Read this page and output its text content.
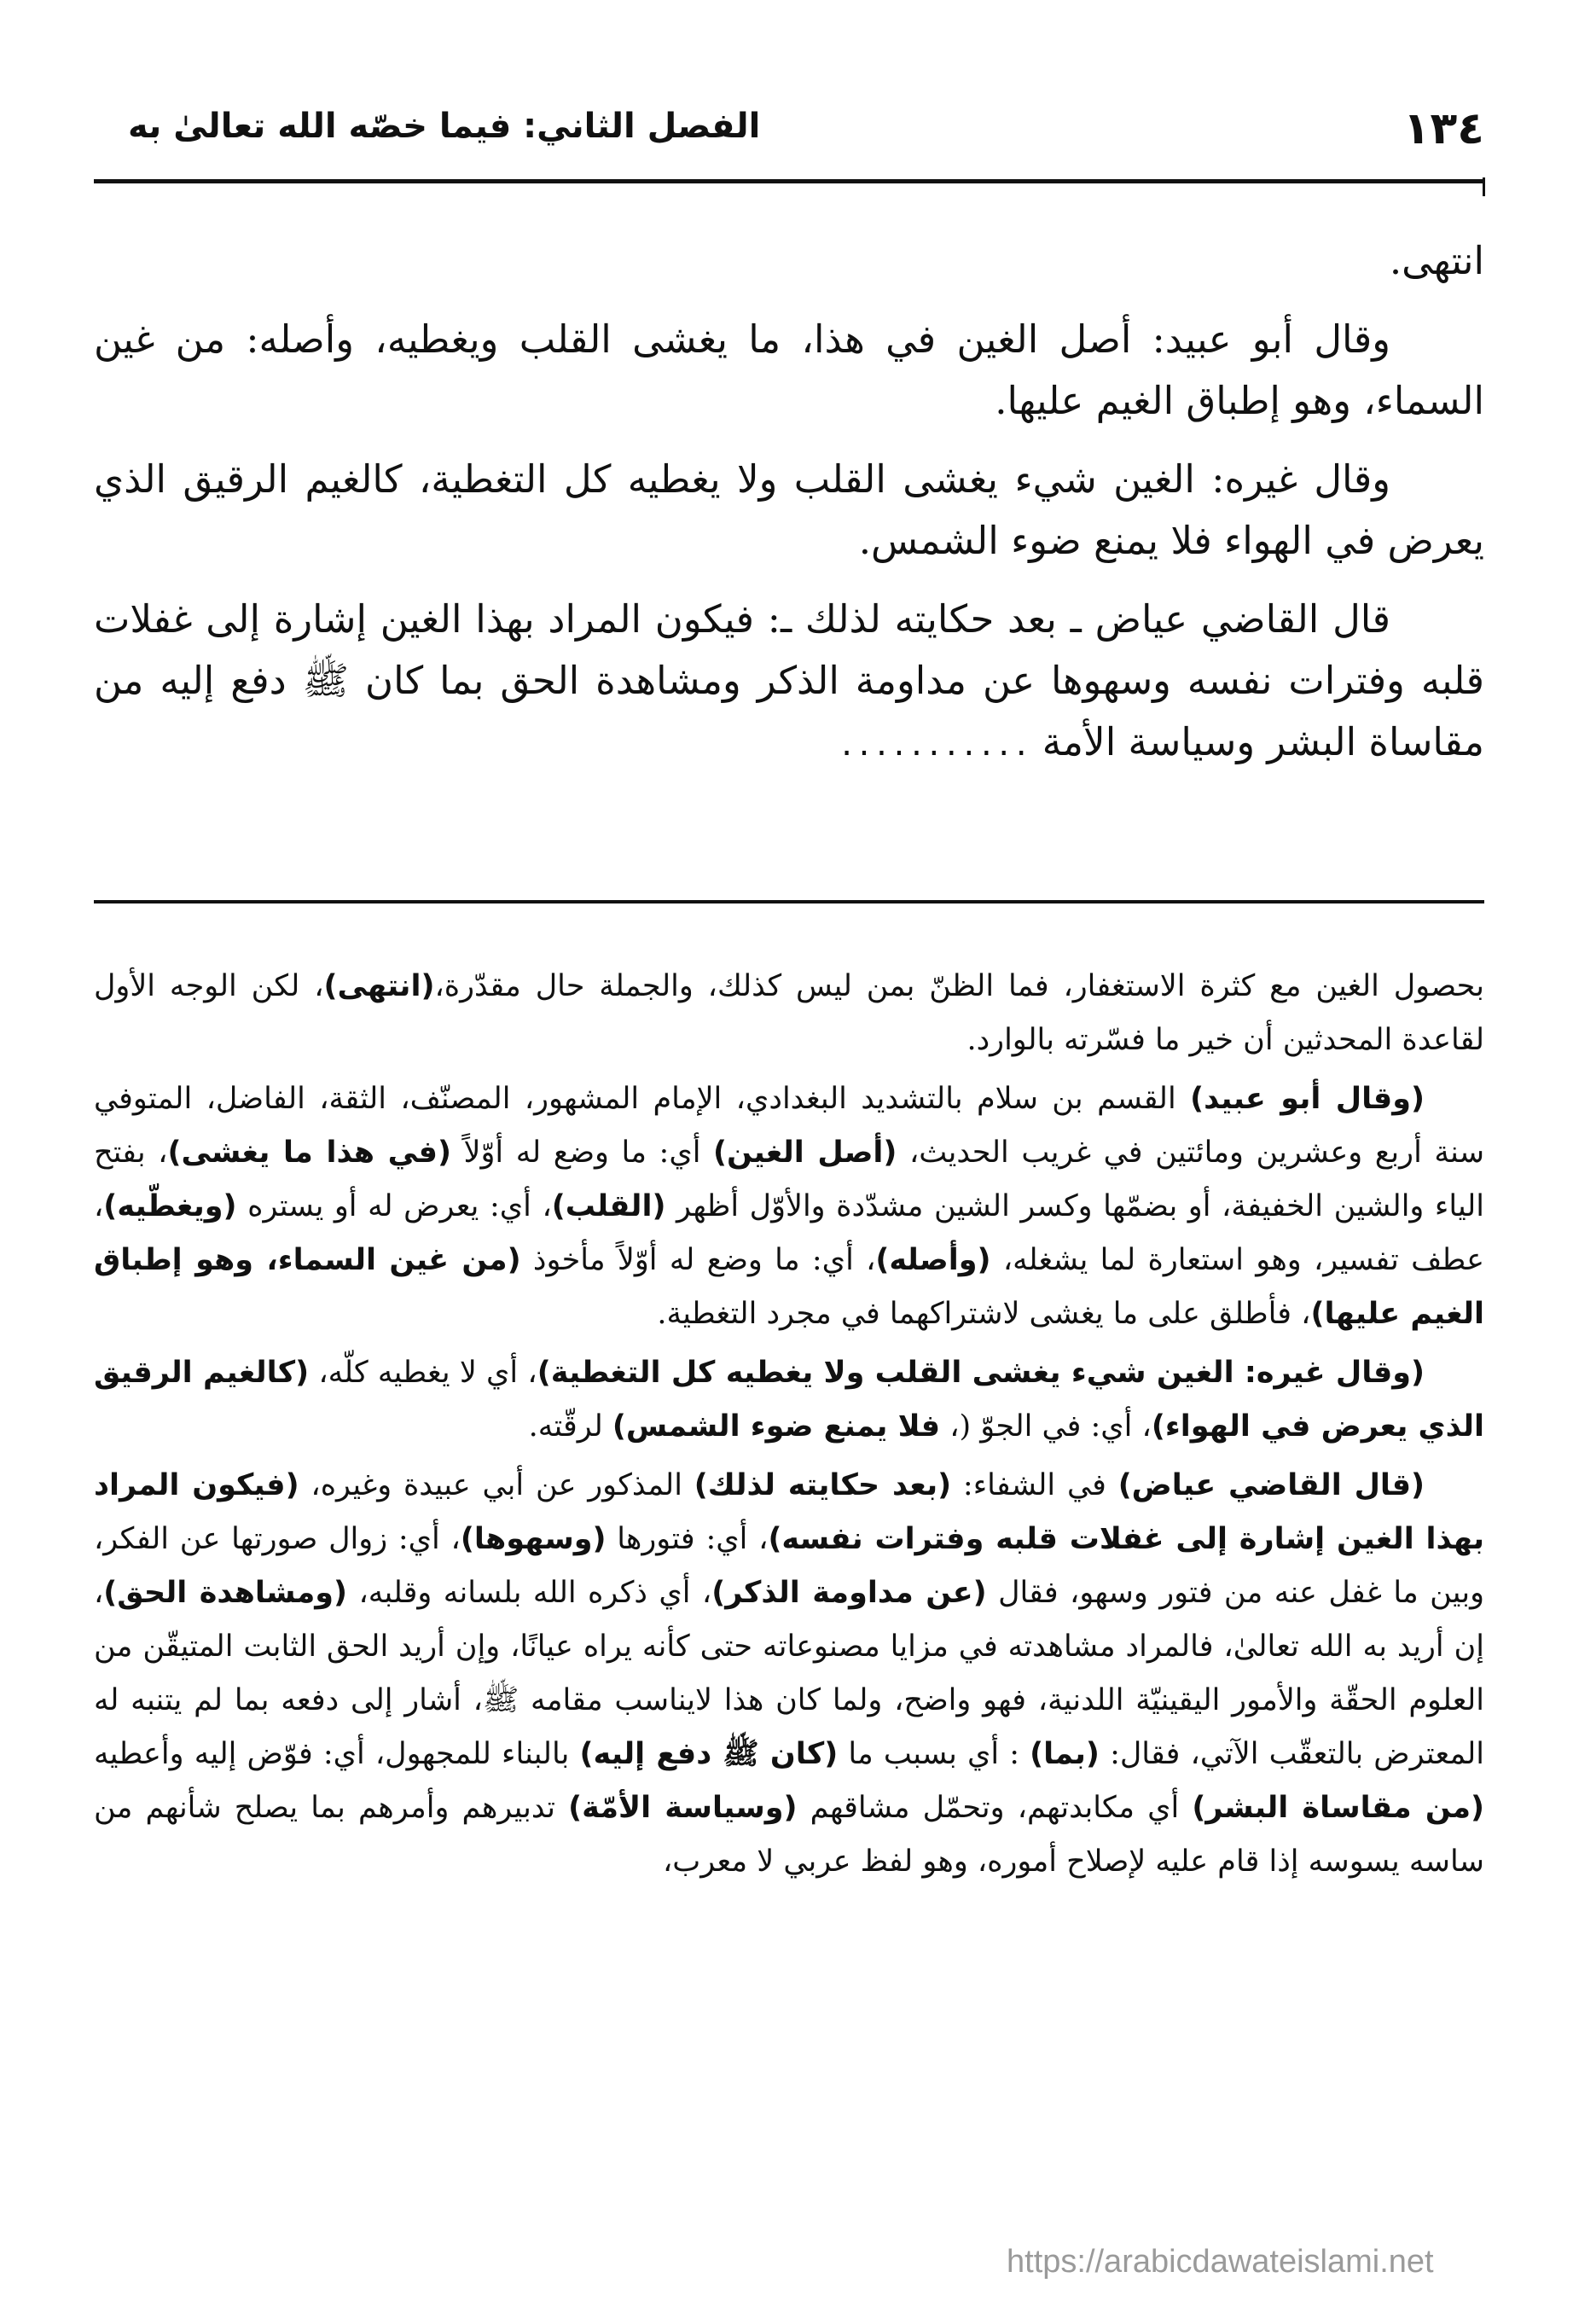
١٣٤
الفصل الثاني: فيما خصّه الله تعالىٰ به

انتهى.

وقال أبو عبيد: أصل الغين في هذا، ما يغشى القلب ويغطيه، وأصله: من غين السماء، وهو إطباق الغيم عليها.

وقال غيره: الغين شيء يغشى القلب ولا يغطيه كل التغطية، كالغيم الرقيق الذي يعرض في الهواء فلا يمنع ضوء الشمس.

قال القاضي عياض ـ بعد حكايته لذلك ـ: فيكون المراد بهذا الغين إشارة إلى غفلات قلبه وفترات نفسه وسهوها عن مداومة الذكر ومشاهدة الحق بما كان ﷺ دفع إليه من مقاساة البشر وسياسة الأمة ...........

بحصول الغين مع كثرة الاستغفار، فما الظنّ بمن ليس كذلك، والجملة حال مقدّرة،(انتهى)، لكن الوجه الأول لقاعدة المحدثين أن خير ما فسّرته بالوارد.

(وقال أبو عبيد) القسم بن سلام بالتشديد البغدادي، الإمام المشهور، المصنّف، الثقة، الفاضل، المتوفي سنة أربع وعشرين ومائتين في غريب الحديث، (أصل الغين) أي: ما وضع له أوّلاً (في هذا ما يغشى)، بفتح الياء والشين الخفيفة، أو بضمّها وكسر الشين مشدّدة والأوّل أظهر (القلب)، أي: يعرض له أو يستره (ويغطّيه)، عطف تفسير، وهو استعارة لما يشغله، (وأصله)، أي: ما وضع له أوّلاً مأخوذ (من غين السماء، وهو إطباق الغيم عليها)، فأطلق على ما يغشى لاشتراكهما في مجرد التغطية.

(وقال غيره: الغين شيء يغشى القلب ولا يغطيه كل التغطية)، أي لا يغطيه كلّه، (كالغيم الرقيق الذي يعرض في الهواء)، أي: في الجوّ (، فلا يمنع ضوء الشمس) لرقّته.

(قال القاضي عياض) في الشفاء: (بعد حكايته لذلك) المذكور عن أبي عبيدة وغيره، (فيكون المراد بهذا الغين إشارة إلى غفلات قلبه وفترات نفسه)، أي: فتورها (وسهوها)، أي: زوال صورتها عن الفكر، وبين ما غفل عنه من فتور وسهو، فقال (عن مداومة الذكر)، أي ذكره الله بلسانه وقلبه، (ومشاهدة الحق)، إن أريد به الله تعالىٰ، فالمراد مشاهدته في مزايا مصنوعاته حتى كأنه يراه عيانًا، وإن أريد الحق الثابت المتيقّن من العلوم الحقّة والأمور اليقينيّة اللدنية، فهو واضح، ولما كان هذا لايناسب مقامه ﷺ، أشار إلى دفعه بما لم يتنبه له المعترض بالتعقّب الآتي، فقال: (بما) : أي بسبب ما (كان ﷺ دفع إليه) بالبناء للمجهول، أي: فوّض إليه وأعطيه (من مقاساة البشر) أي مكابدتهم، وتحمّل مشاقهم (وسياسة الأمّة) تدبيرهم وأمرهم بما يصلح شأنهم من ساسه يسوسه إذا قام عليه لإصلاح أموره، وهو لفظ عربي لا معرب،

https://arabicdawateislami.net
